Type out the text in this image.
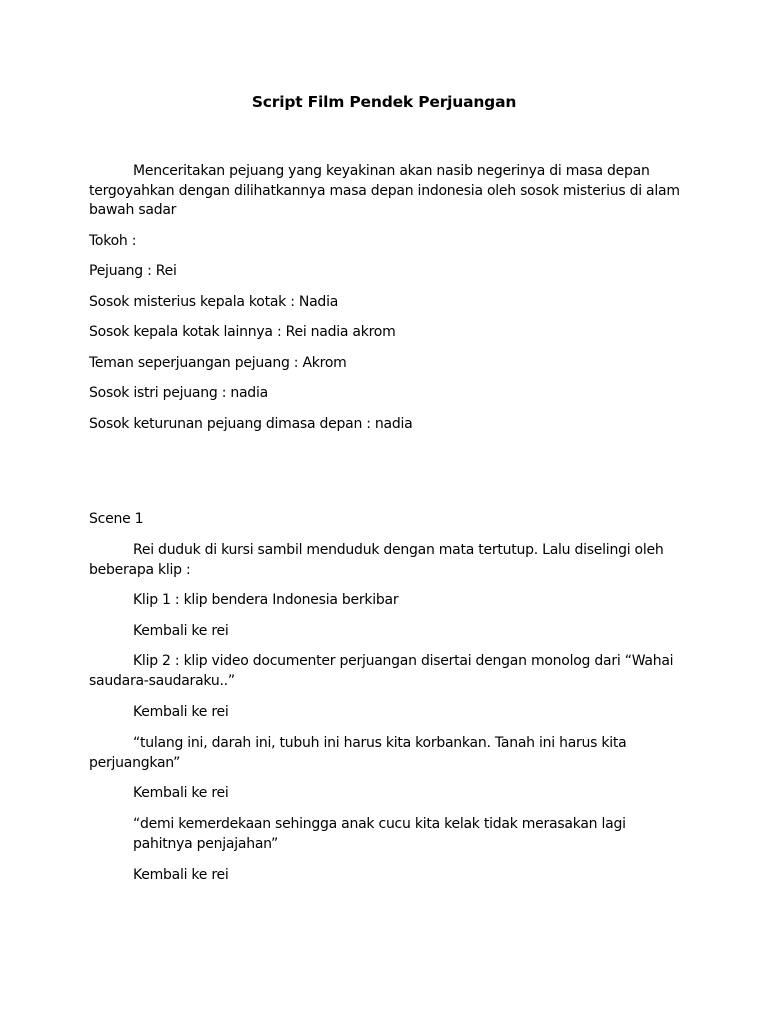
Script Film Pendek Perjuangan
Menceritakan pejuang yang keyakinan akan nasib negerinya di masa depan tergoyahkan dengan dilihatkannya masa depan indonesia oleh sosok misterius di alam bawah sadar
Tokoh :
Pejuang : Rei
Sosok misterius kepala kotak : Nadia
Sosok kepala kotak lainnya : Rei nadia akrom
Teman seperjuangan pejuang : Akrom
Sosok istri pejuang : nadia
Sosok keturunan pejuang dimasa depan : nadia
Scene 1
Rei duduk di kursi sambil menduduk dengan mata tertutup. Lalu diselingi oleh beberapa klip :
Klip 1 : klip bendera Indonesia berkibar
Kembali ke rei
Klip 2 : klip video documenter perjuangan disertai dengan monolog dari “Wahai saudara-saudaraku..”
Kembali ke rei
“tulang ini, darah ini, tubuh ini harus kita korbankan. Tanah ini harus kita perjuangkan”
Kembali ke rei
“demi kemerdekaan sehingga anak cucu kita kelak tidak merasakan lagi pahitnya penjajahan”
Kembali ke rei
